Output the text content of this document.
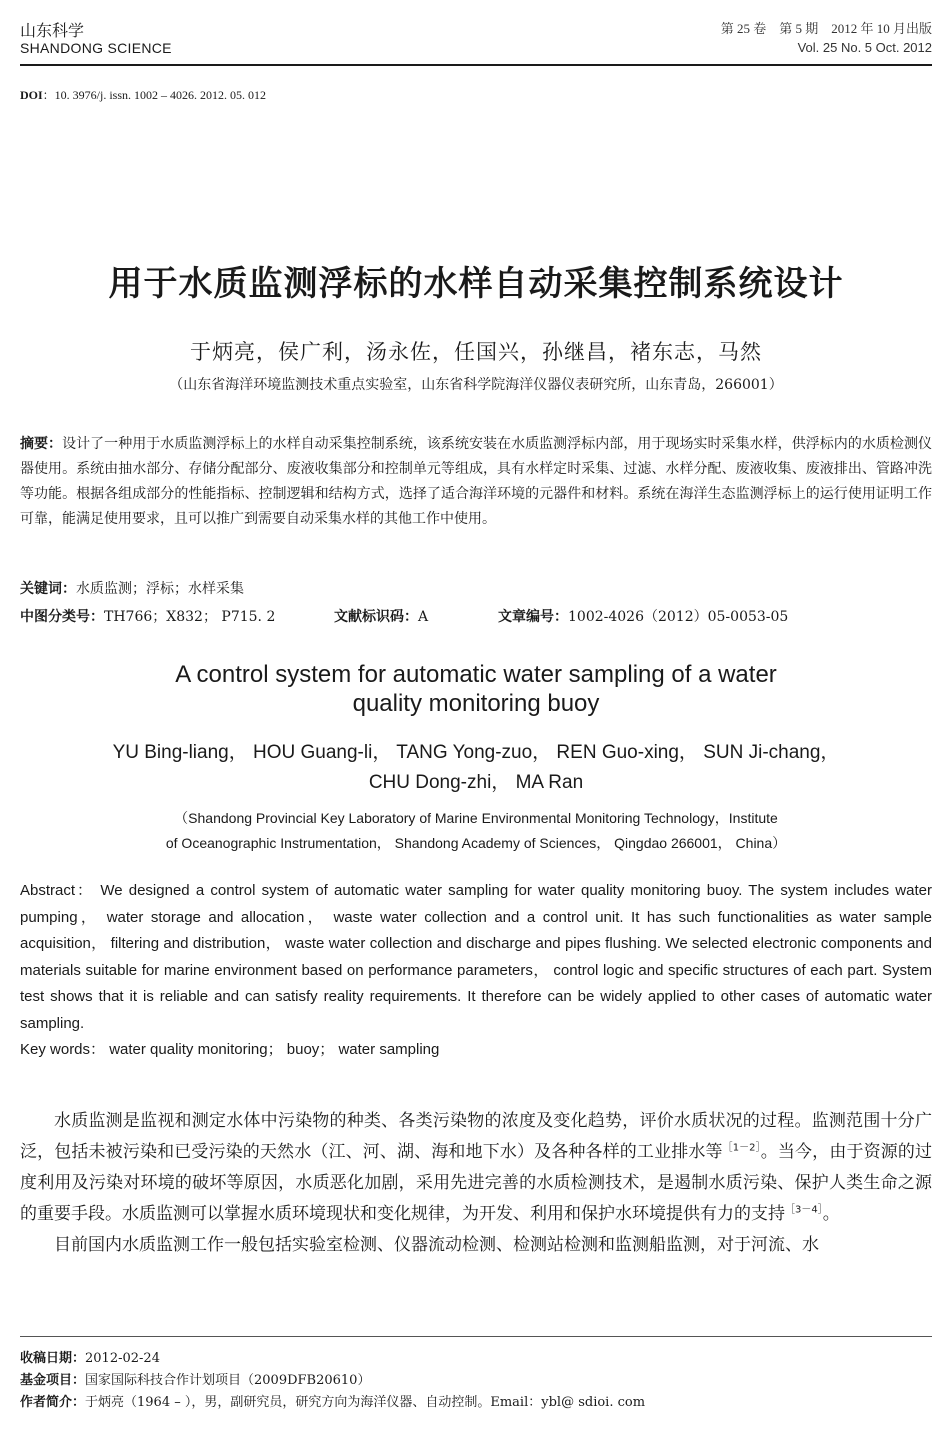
山东科学
SHANDONG SCIENCE
第 25 卷　第 5 期　2012 年 10 月出版
Vol. 25 No. 5 Oct. 2012
DOI：10. 3976/j. issn. 1002 – 4026. 2012. 05. 012
用于水质监测浮标的水样自动采集控制系统设计
于炳亮，侯广利，汤永佐，任国兴，孙继昌，褚东志，马然
（山东省海洋环境监测技术重点实验室，山东省科学院海洋仪器仪表研究所，山东青岛，266001）
摘要：设计了一种用于水质监测浮标上的水样自动采集控制系统，该系统安装在水质监测浮标内部，用于现场实时采集水样，供浮标内的水质检测仪器使用。系统由抽水部分、存储分配部分、废液收集部分和控制单元等组成，具有水样定时采集、过滤、水样分配、废液收集、废液排出、管路冲洗等功能。根据各组成部分的性能指标、控制逻辑和结构方式，选择了适合海洋环境的元器件和材料。系统在海洋生态监测浮标上的运行使用证明工作可靠，能满足使用要求，且可以推广到需要自动采集水样的其他工作中使用。
关键词：水质监测；浮标；水样采集
中图分类号：TH766；X832； P715. 2	文献标识码：A	文章编号：1002-4026（2012）05-0053-05
A control system for automatic water sampling of a water
quality monitoring buoy
YU Bing-liang， HOU Guang-li， TANG Yong-zuo， REN Guo-xing， SUN Ji-chang，
CHU Dong-zhi， MA Ran
（Shandong Provincial Key Laboratory of Marine Environmental Monitoring Technology，Institute
of Oceanographic Instrumentation， Shandong Academy of Sciences， Qingdao 266001， China）
Abstract： We designed a control system of automatic water sampling for water quality monitoring buoy. The system includes water pumping， water storage and allocation， waste water collection and a control unit. It has such functionalities as water sample acquisition， filtering and distribution， waste water collection and discharge and pipes flushing. We selected electronic components and materials suitable for marine environment based on performance parameters， control logic and specific structures of each part. System test shows that it is reliable and can satisfy reality requirements. It therefore can be widely applied to other cases of automatic water sampling.
Key words： water quality monitoring； buoy； water sampling

水质监测是监视和测定水体中污染物的种类、各类污染物的浓度及变化趋势，评价水质状况的过程。监测范围十分广泛，包括未被污染和已受污染的天然水（江、河、湖、海和地下水）及各种各样的工业排水等$^{[1-2]}$。当今，由于资源的过度利用及污染对环境的破坏等原因，水质恶化加剧，采用先进完善的水质检测技术，是遏制水质污染、保护人类生命之源的重要手段。水质监测可以掌握水质环境现状和变化规律，为开发、利用和保护水环境提供有力的支持$^{[3-4]}$。

目前国内水质监测工作一般包括实验室检测、仪器流动检测、检测站检测和监测船监测，对于河流、水

收稿日期：2012-02-24
基金项目：国家国际科技合作计划项目（2009DFB20610）
作者简介：于炳亮（1964 – ），男，副研究员，研究方向为海洋仪器、自动控制。Email：ybl@ sdioi. com
